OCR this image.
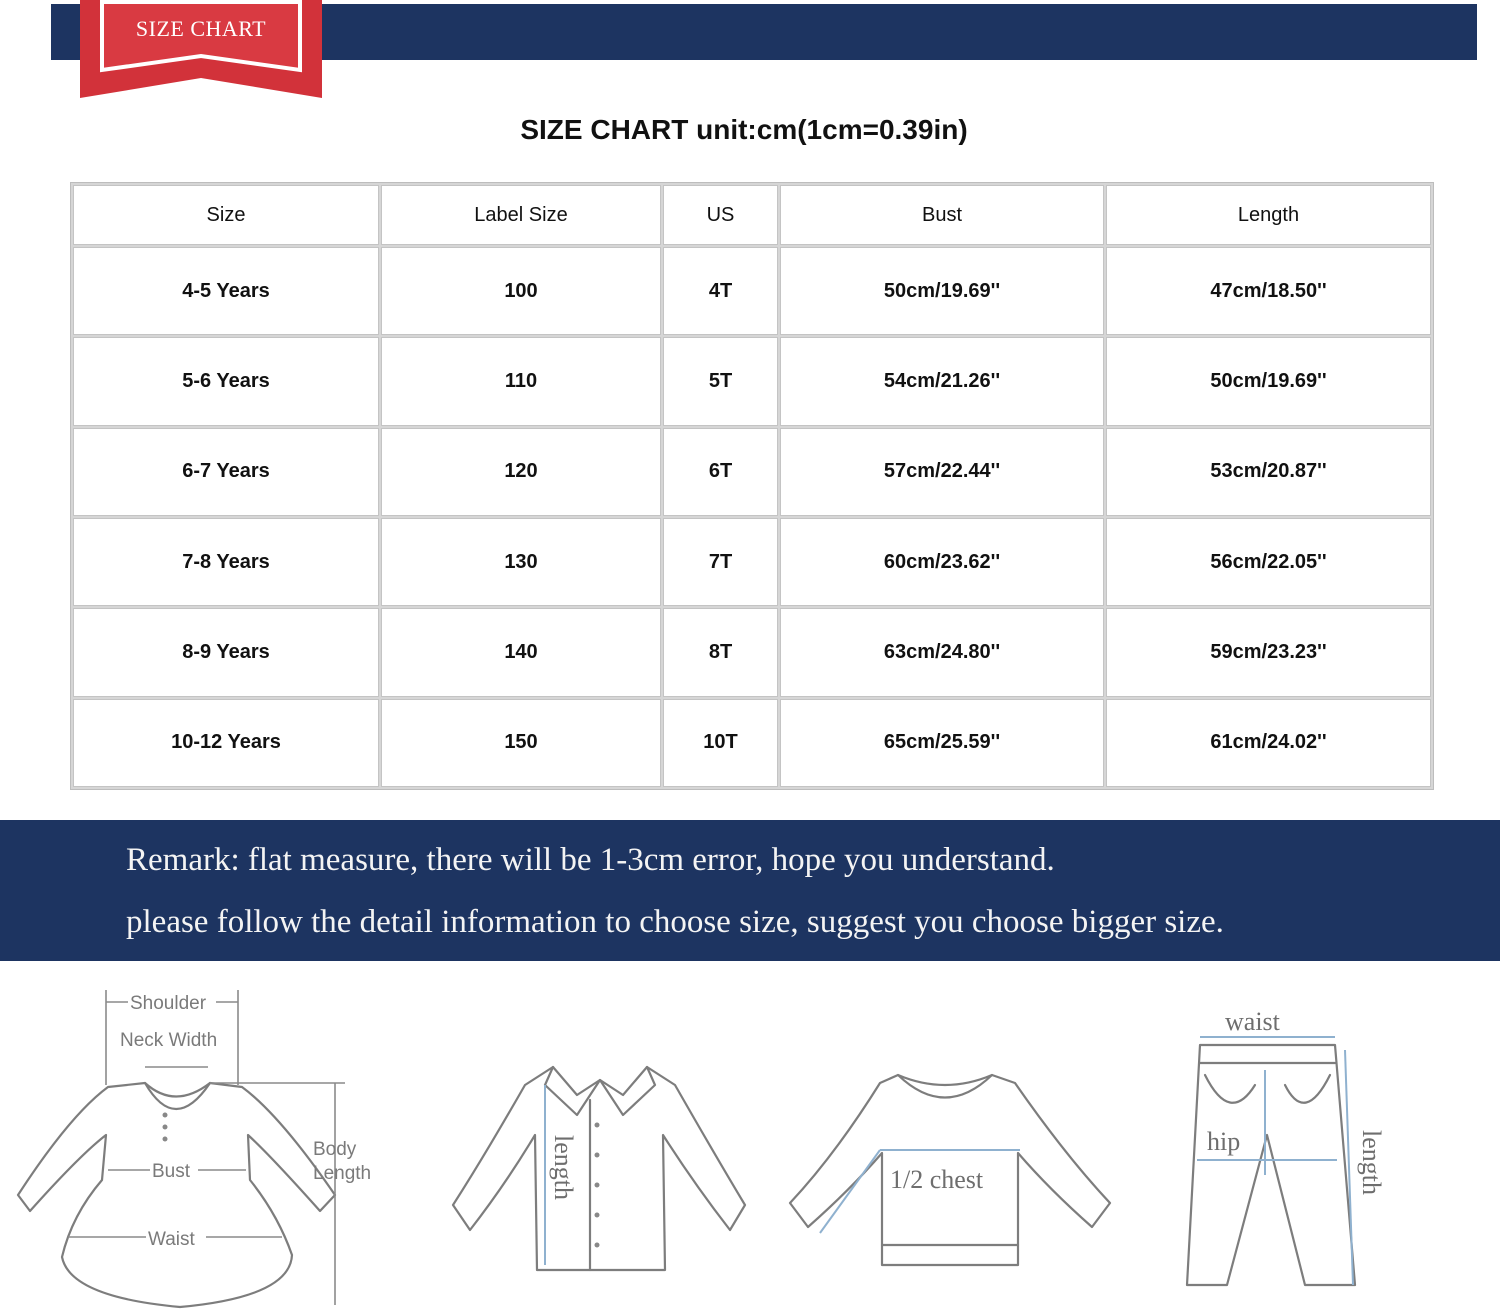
SIZE CHART
SIZE CHART unit:cm(1cm=0.39in)
Size	Label Size	US	Bust	Length
4-5 Years	100	4T	50cm/19.69''	47cm/18.50''
5-6 Years	110	5T	54cm/21.26''	50cm/19.69''
6-7 Years	120	6T	57cm/22.44''	53cm/20.87''
7-8 Years	130	7T	60cm/23.62''	56cm/22.05''
8-9 Years	140	8T	63cm/24.80''	59cm/23.23''
10-12 Years	150	10T	65cm/25.59''	61cm/24.02''
Remark: flat measure, there will be 1-3cm error, hope you understand.
please follow the detail information to choose size, suggest you choose bigger size.
Shoulder
Neck Width
Body
Length
Bust
Waist
length	1/2 chest
waist
hip	length
